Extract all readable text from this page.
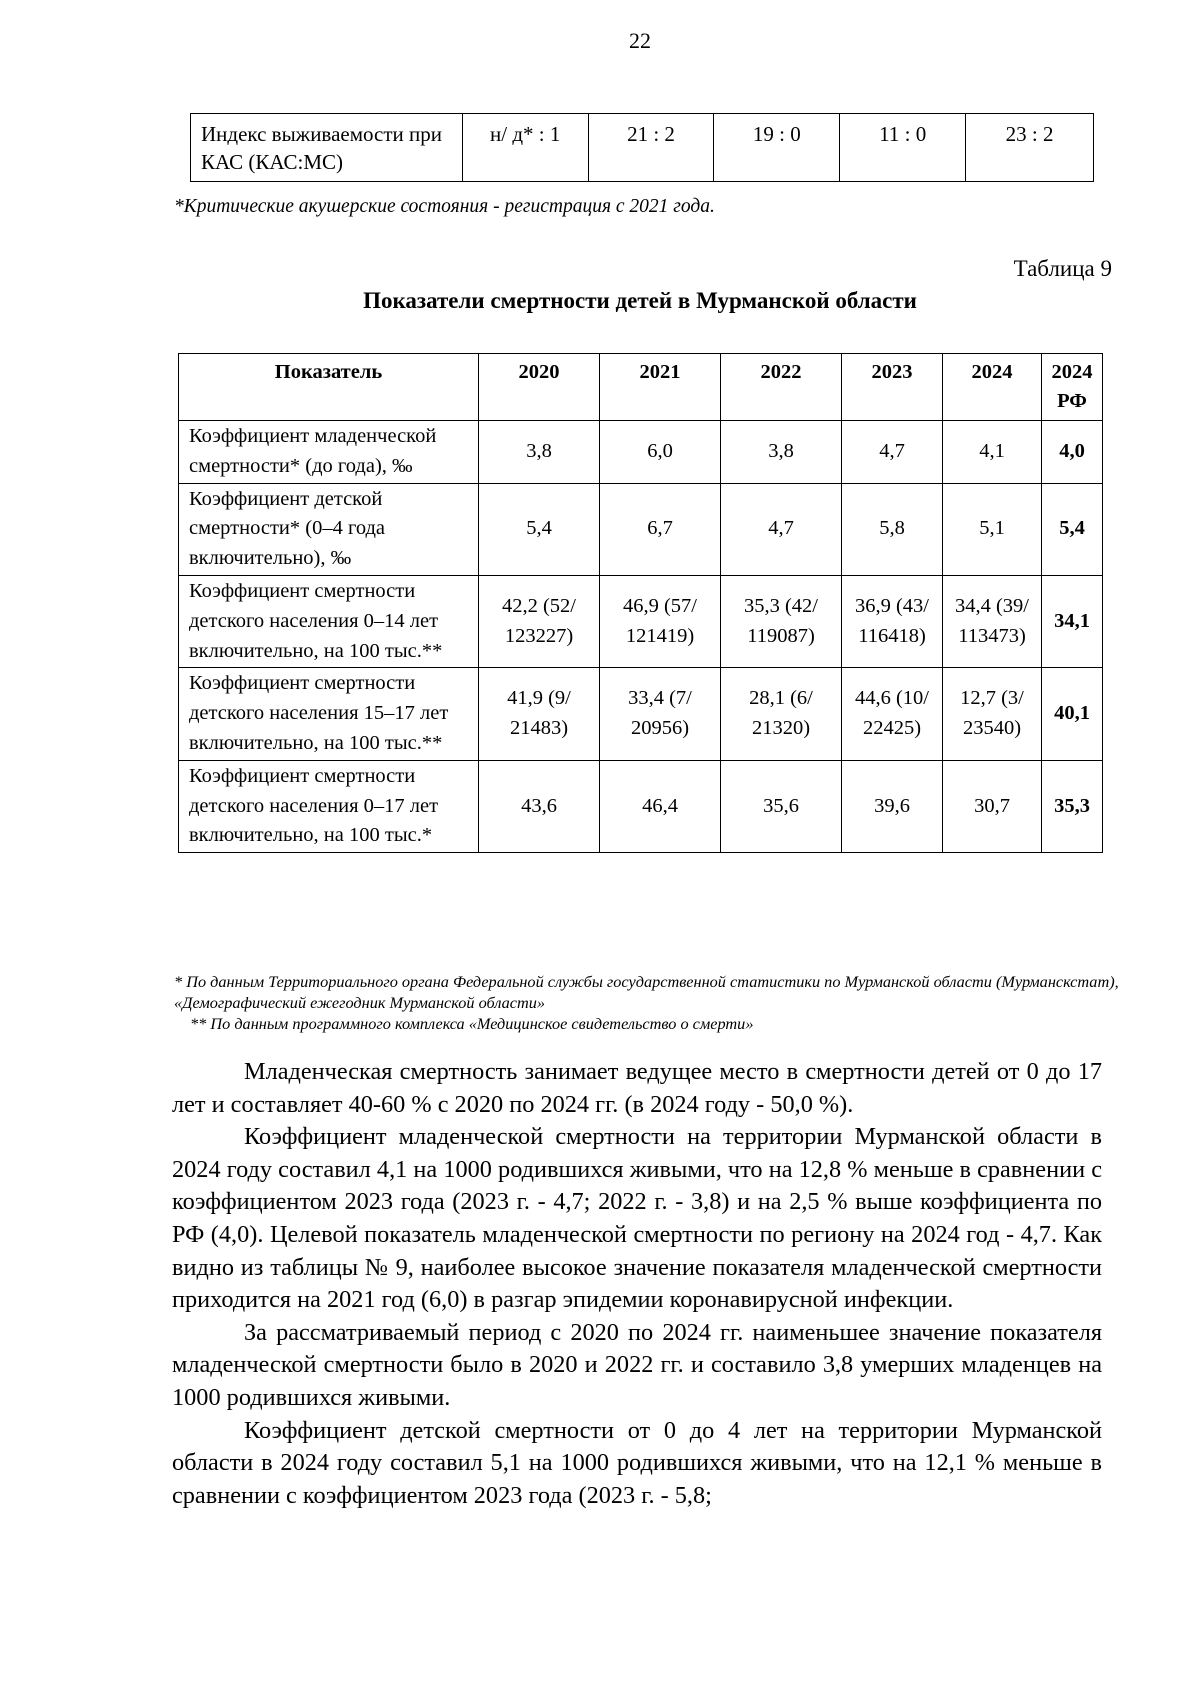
22
Индекс выживаемости при КАС (КАС:МС)	н/ д* : 1	21 : 2	19 : 0	11 : 0	23 : 2
*Критические акушерские состояния - регистрация с 2021 года.
Таблица 9
Показатели смертности детей в Мурманской области
Показатель	2020	2021	2022	2023	2024	2024 РФ
Коэффициент младенческой смертности* (до года), ‰	3,8	6,0	3,8	4,7	4,1	4,0
Коэффициент детской смертности* (0–4 года включительно), ‰	5,4	6,7	4,7	5,8	5,1	5,4
Коэффициент смертности детского населения 0–14 лет включительно, на 100 тыс.**	42,2 (52/ 123227)	46,9 (57/ 121419)	35,3 (42/ 119087)	36,9 (43/ 116418)	34,4 (39/ 113473)	34,1
Коэффициент смертности детского населения 15–17 лет включительно, на 100 тыс.**	41,9 (9/ 21483)	33,4 (7/ 20956)	28,1 (6/ 21320)	44,6 (10/ 22425)	12,7 (3/ 23540)	40,1
Коэффициент смертности детского населения 0–17 лет включительно, на 100 тыс.*	43,6	46,4	35,6	39,6	30,7	35,3
* По данным Территориального органа Федеральной службы государственной статистики по Мурманской области (Мурманскстат), «Демографический ежегодник Мурманской области»
** По данным программного комплекса «Медицинское свидетельство о смерти»

Младенческая смертность занимает ведущее место в смертности детей от 0 до 17 лет и составляет 40-60 % с 2020 по 2024 гг. (в 2024 году - 50,0 %).

Коэффициент младенческой смертности на территории Мурманской области в 2024 году составил 4,1 на 1000 родившихся живыми, что на 12,8 % меньше в сравнении с коэффициентом 2023 года (2023 г. - 4,7; 2022 г. - 3,8) и на 2,5 % выше коэффициента по РФ (4,0). Целевой показатель младенческой смертности по региону на 2024 год - 4,7. Как видно из таблицы № 9, наиболее высокое значение показателя младенческой смертности приходится на 2021 год (6,0) в разгар эпидемии коронавирусной инфекции.

За рассматриваемый период с 2020 по 2024 гг. наименьшее значение показателя младенческой смертности было в 2020 и 2022 гг. и составило 3,8 умерших младенцев на 1000 родившихся живыми.

Коэффициент детской смертности от 0 до 4 лет на территории Мурманской области в 2024 году составил 5,1 на 1000 родившихся живыми, что на 12,1 % меньше в сравнении с коэффициентом 2023 года (2023 г. - 5,8;
